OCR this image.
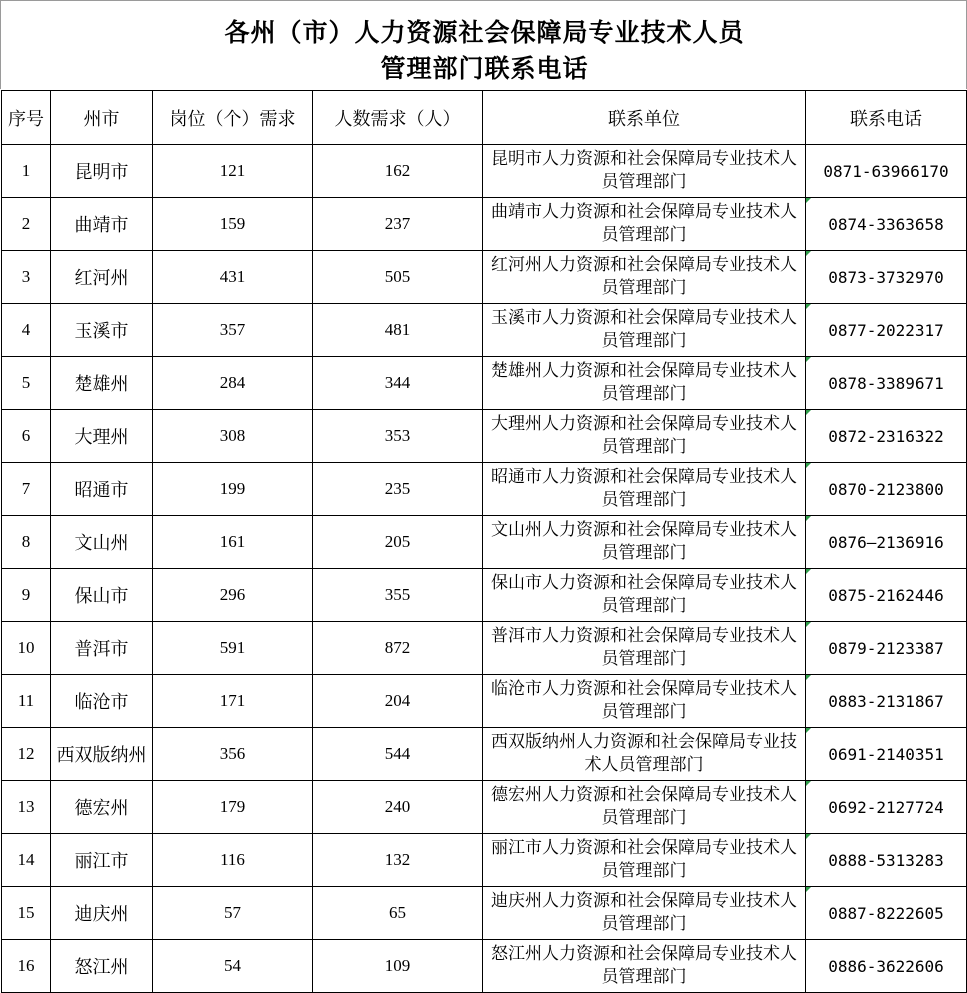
各州（市）人力资源社会保障局专业技术人员
管理部门联系电话
序号	州市	岗位（个）需求	人数需求（人）	联系单位	联系电话
1	昆明市	121	162	昆明市人力资源和社会保障局专业技术人员管理部门	0871-63966170
2	曲靖市	159	237	曲靖市人力资源和社会保障局专业技术人员管理部门	0874-3363658

3	红河州	431	505	红河州人力资源和社会保障局专业技术人员管理部门	0873-3732970

4	玉溪市	357	481	玉溪市人力资源和社会保障局专业技术人员管理部门	0877-2022317

5	楚雄州	284	344	楚雄州人力资源和社会保障局专业技术人员管理部门	0878-3389671

6	大理州	308	353	大理州人力资源和社会保障局专业技术人员管理部门	0872-2316322

7	昭通市	199	235	昭通市人力资源和社会保障局专业技术人员管理部门	0870-2123800

8	文山州	161	205	文山州人力资源和社会保障局专业技术人员管理部门	0876—2136916

9	保山市	296	355	保山市人力资源和社会保障局专业技术人员管理部门	0875-2162446

10	普洱市	591	872	普洱市人力资源和社会保障局专业技术人员管理部门	0879-2123387

11	临沧市	171	204	临沧市人力资源和社会保障局专业技术人员管理部门	0883-2131867

12	西双版纳州	356	544	西双版纳州人力资源和社会保障局专业技术人员管理部门	0691-2140351

13	德宏州	179	240	德宏州人力资源和社会保障局专业技术人员管理部门	0692-2127724

14	丽江市	116	132	丽江市人力资源和社会保障局专业技术人员管理部门	0888-5313283

15	迪庆州	57	65	迪庆州人力资源和社会保障局专业技术人员管理部门	0887-8222605

16	怒江州	54	109	怒江州人力资源和社会保障局专业技术人员管理部门	0886-3622606
